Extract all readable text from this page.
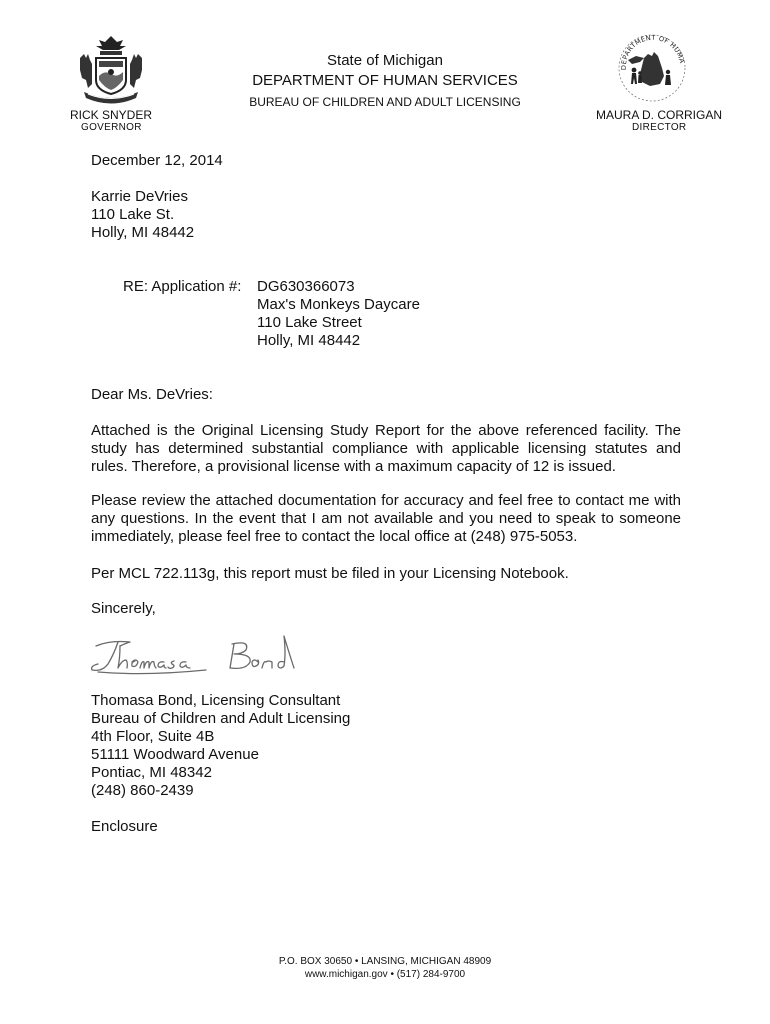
DEPARTMENT OF HUMA
State of Michigan
DEPARTMENT OF HUMAN SERVICES
BUREAU OF CHILDREN AND ADULT LICENSING
RICK SNYDER
GOVERNOR
MAURA D. CORRIGAN
DIRECTOR
December 12, 2014
Karrie DeVries
110 Lake St.
Holly, MI 48442
RE: Application #: DG630366073
Max's Monkeys Daycare
110 Lake Street
Holly, MI 48442
Dear Ms. DeVries:
Attached is the Original Licensing Study Report for the above referenced facility. The study has determined substantial compliance with applicable licensing statutes and rules. Therefore, a provisional license with a maximum capacity of 12 is issued.
Please review the attached documentation for accuracy and feel free to contact me with any questions. In the event that I am not available and you need to speak to someone immediately, please feel free to contact the local office at (248) 975-5053.
Per MCL 722.113g, this report must be filed in your Licensing Notebook.
Sincerely,
Thomasa Bond, Licensing Consultant
Bureau of Children and Adult Licensing
4th Floor, Suite 4B
51111 Woodward Avenue
Pontiac, MI 48342
(248) 860-2439
Enclosure
P.O. BOX 30650 • LANSING, MICHIGAN 48909
www.michigan.gov • (517) 284-9700
